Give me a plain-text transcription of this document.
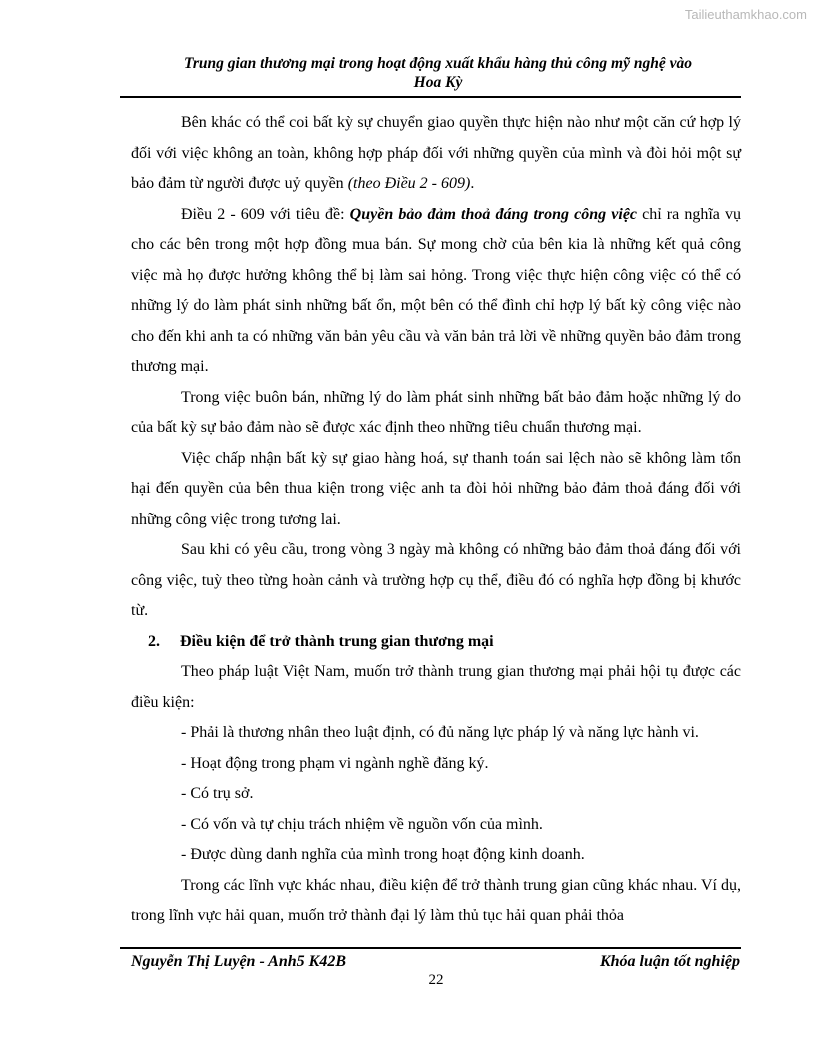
Tailieuthamkhao.com
Trung gian thương mại trong hoạt động xuất khẩu hàng thủ công mỹ nghệ vào
Hoa Kỳ

Bên khác có thể coi bất kỳ sự chuyển giao quyền thực hiện nào như một căn cứ hợp lý đối với việc không an toàn, không hợp pháp đối với những quyền của mình và đòi hỏi một sự bảo đảm từ người được uỷ quyền (theo Điều 2 - 609).

Điều 2 - 609 với tiêu đề: Quyền bảo đảm thoả đáng trong công việc chỉ ra nghĩa vụ cho các bên trong một hợp đồng mua bán. Sự mong chờ của bên kia là những kết quả công việc mà họ được hưởng không thể bị làm sai hỏng. Trong việc thực hiện công việc có thể có những lý do làm phát sinh những bất ổn, một bên có thể đình chỉ hợp lý bất kỳ công việc nào cho đến khi anh ta có những văn bản yêu cầu và văn bản trả lời về những quyền bảo đảm trong thương mại.

Trong việc buôn bán, những lý do làm phát sinh những bất bảo đảm hoặc những lý do của bất kỳ sự bảo đảm nào sẽ được xác định theo những tiêu chuẩn thương mại.

Việc chấp nhận bất kỳ sự giao hàng hoá, sự thanh toán sai lệch nào sẽ không làm tổn hại đến quyền của bên thua kiện trong việc anh ta đòi hỏi những bảo đảm thoả đáng đối với những công việc trong tương lai.

Sau khi có yêu cầu, trong vòng 3 ngày mà không có những bảo đảm thoả đáng đối với công việc, tuỳ theo từng hoàn cảnh và trường hợp cụ thể, điều đó có nghĩa hợp đồng bị khước từ.

2. Điều kiện để trở thành trung gian thương mại

Theo pháp luật Việt Nam, muốn trở thành trung gian thương mại phải hội tụ được các điều kiện:

- Phải là thương nhân theo luật định, có đủ năng lực pháp lý và năng lực hành vi.

- Hoạt động trong phạm vi ngành nghề đăng ký.

- Có trụ sở.

- Có vốn và tự chịu trách nhiệm về nguồn vốn của mình.

- Được dùng danh nghĩa của mình trong hoạt động kinh doanh.

Trong các lĩnh vực khác nhau, điều kiện để trở thành trung gian cũng khác nhau. Ví dụ, trong lĩnh vực hải quan, muốn trở thành đại lý làm thủ tục hải quan phải thỏa

Nguyễn Thị Luyện - Anh5 K42B	Khóa luận tốt nghiệp
22
